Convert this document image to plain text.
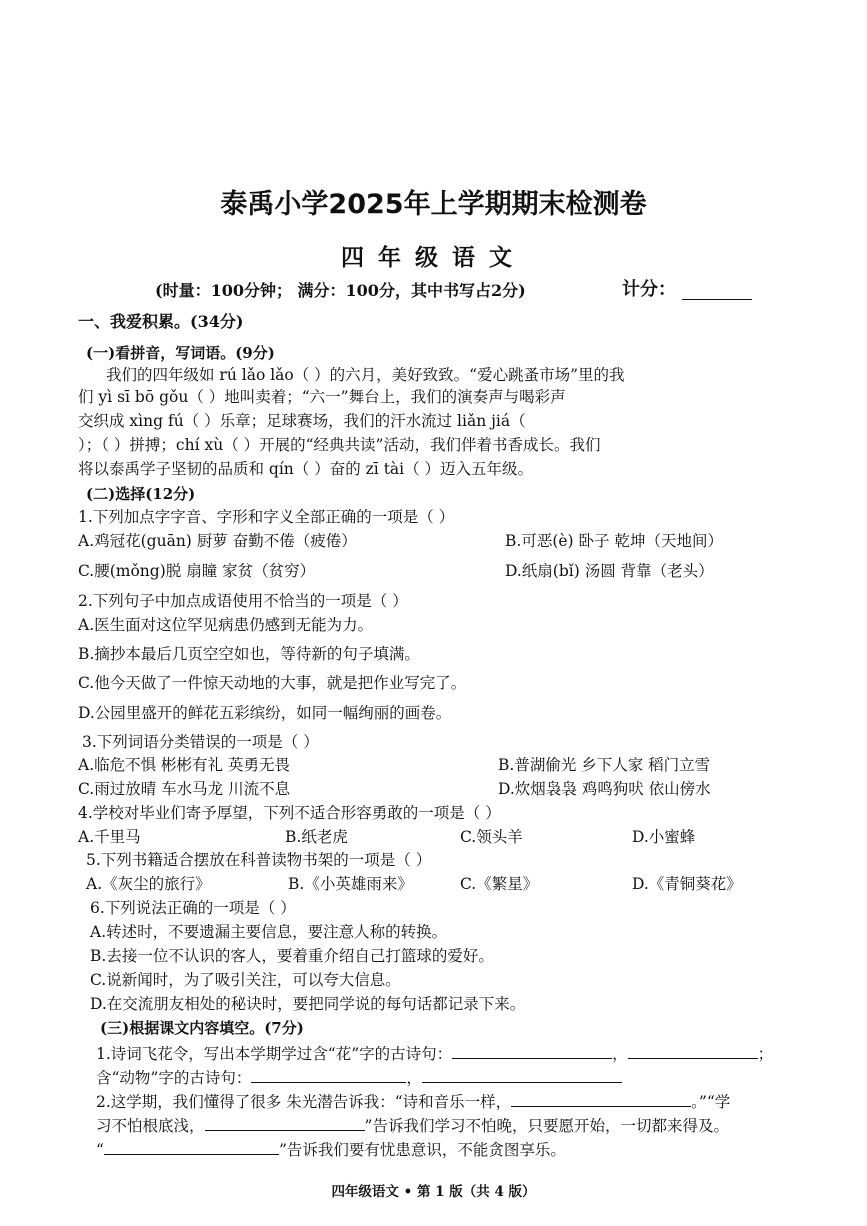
泰禹小学2025年上学期期末检测卷
四年级语文
(时量：100分钟； 满分：100分，其中书写占2分)	计分：
一、我爱积累。(34分)
(一)看拼音，写词语。(9分)
我们的四年级如 rú lǎo lǎo（ ）的六月，美好致致。“爱心跳蚤市场”里的我
们 yì sī bō gǒu（ ）地叫卖着；“六一”舞台上，我们的演奏声与喝彩声
交织成 xìng fú（ ）乐章；足球赛场，我们的汗水流过 liǎn jiá（
）；（ ）拼搏；chí xù（ ）开展的“经典共读”活动，我们伴着书香成长。我们
将以泰禹学子坚韧的品质和 qín（ ）奋的 zī tài（ ）迈入五年级。
(二)选择(12分)
1.下列加点字字音、字形和字义全部正确的一项是（ ）
A.鸡冠花(guān) 厨萝 奋勤不倦（疲倦）	B.可恶(è) 卧子 乾坤（天地间）
C.腰(mǒng)脱 扇瞳 家贫（贫穷）	D.纸扇(bǐ) 汤圆 背靠（老头）
2.下列句子中加点成语使用不恰当的一项是（ ）
A.医生面对这位罕见病患仍感到无能为力。
B.摘抄本最后几页空空如也，等待新的句子填满。
C.他今天做了一件惊天动地的大事，就是把作业写完了。
D.公园里盛开的鲜花五彩缤纷，如同一幅绚丽的画卷。
3.下列词语分类错误的一项是（ ）
A.临危不惧 彬彬有礼 英勇无畏	B.普湖偷光 乡下人家 稻门立雪
C.雨过放晴 车水马龙 川流不息	D.炊烟袅袅 鸡鸣狗吠 依山傍水
4.学校对毕业们寄予厚望，下列不适合形容勇敢的一项是（ ）
A.千里马	B.纸老虎	C.领头羊	D.小蜜蜂
5.下列书籍适合摆放在科普读物书架的一项是（ ）
A.《灰尘的旅行》	B.《小英雄雨来》	C.《繁星》	D.《青铜葵花》
6.下列说法正确的一项是（ ）
A.转述时，不要遗漏主要信息，要注意人称的转换。
B.去接一位不认识的客人，要着重介绍自己打篮球的爱好。
C.说新闻时，为了吸引关注，可以夸大信息。
D.在交流朋友相处的秘诀时，要把同学说的每句话都记录下来。
(三)根据课文内容填空。(7分)
1.诗词飞花令，写出本学期学过含“花”字的古诗句：	，	；
含“动物”字的古诗句：	，
2.这学期，我们懂得了很多 朱光潜告诉我：“诗和音乐一样，	。”“学
习不怕根底浅，	”告诉我们学习不怕晚，只要愿开始，一切都来得及。
“	”告诉我们要有忧患意识，不能贪图享乐。
四年级语文 • 第 1 版（共 4 版）
